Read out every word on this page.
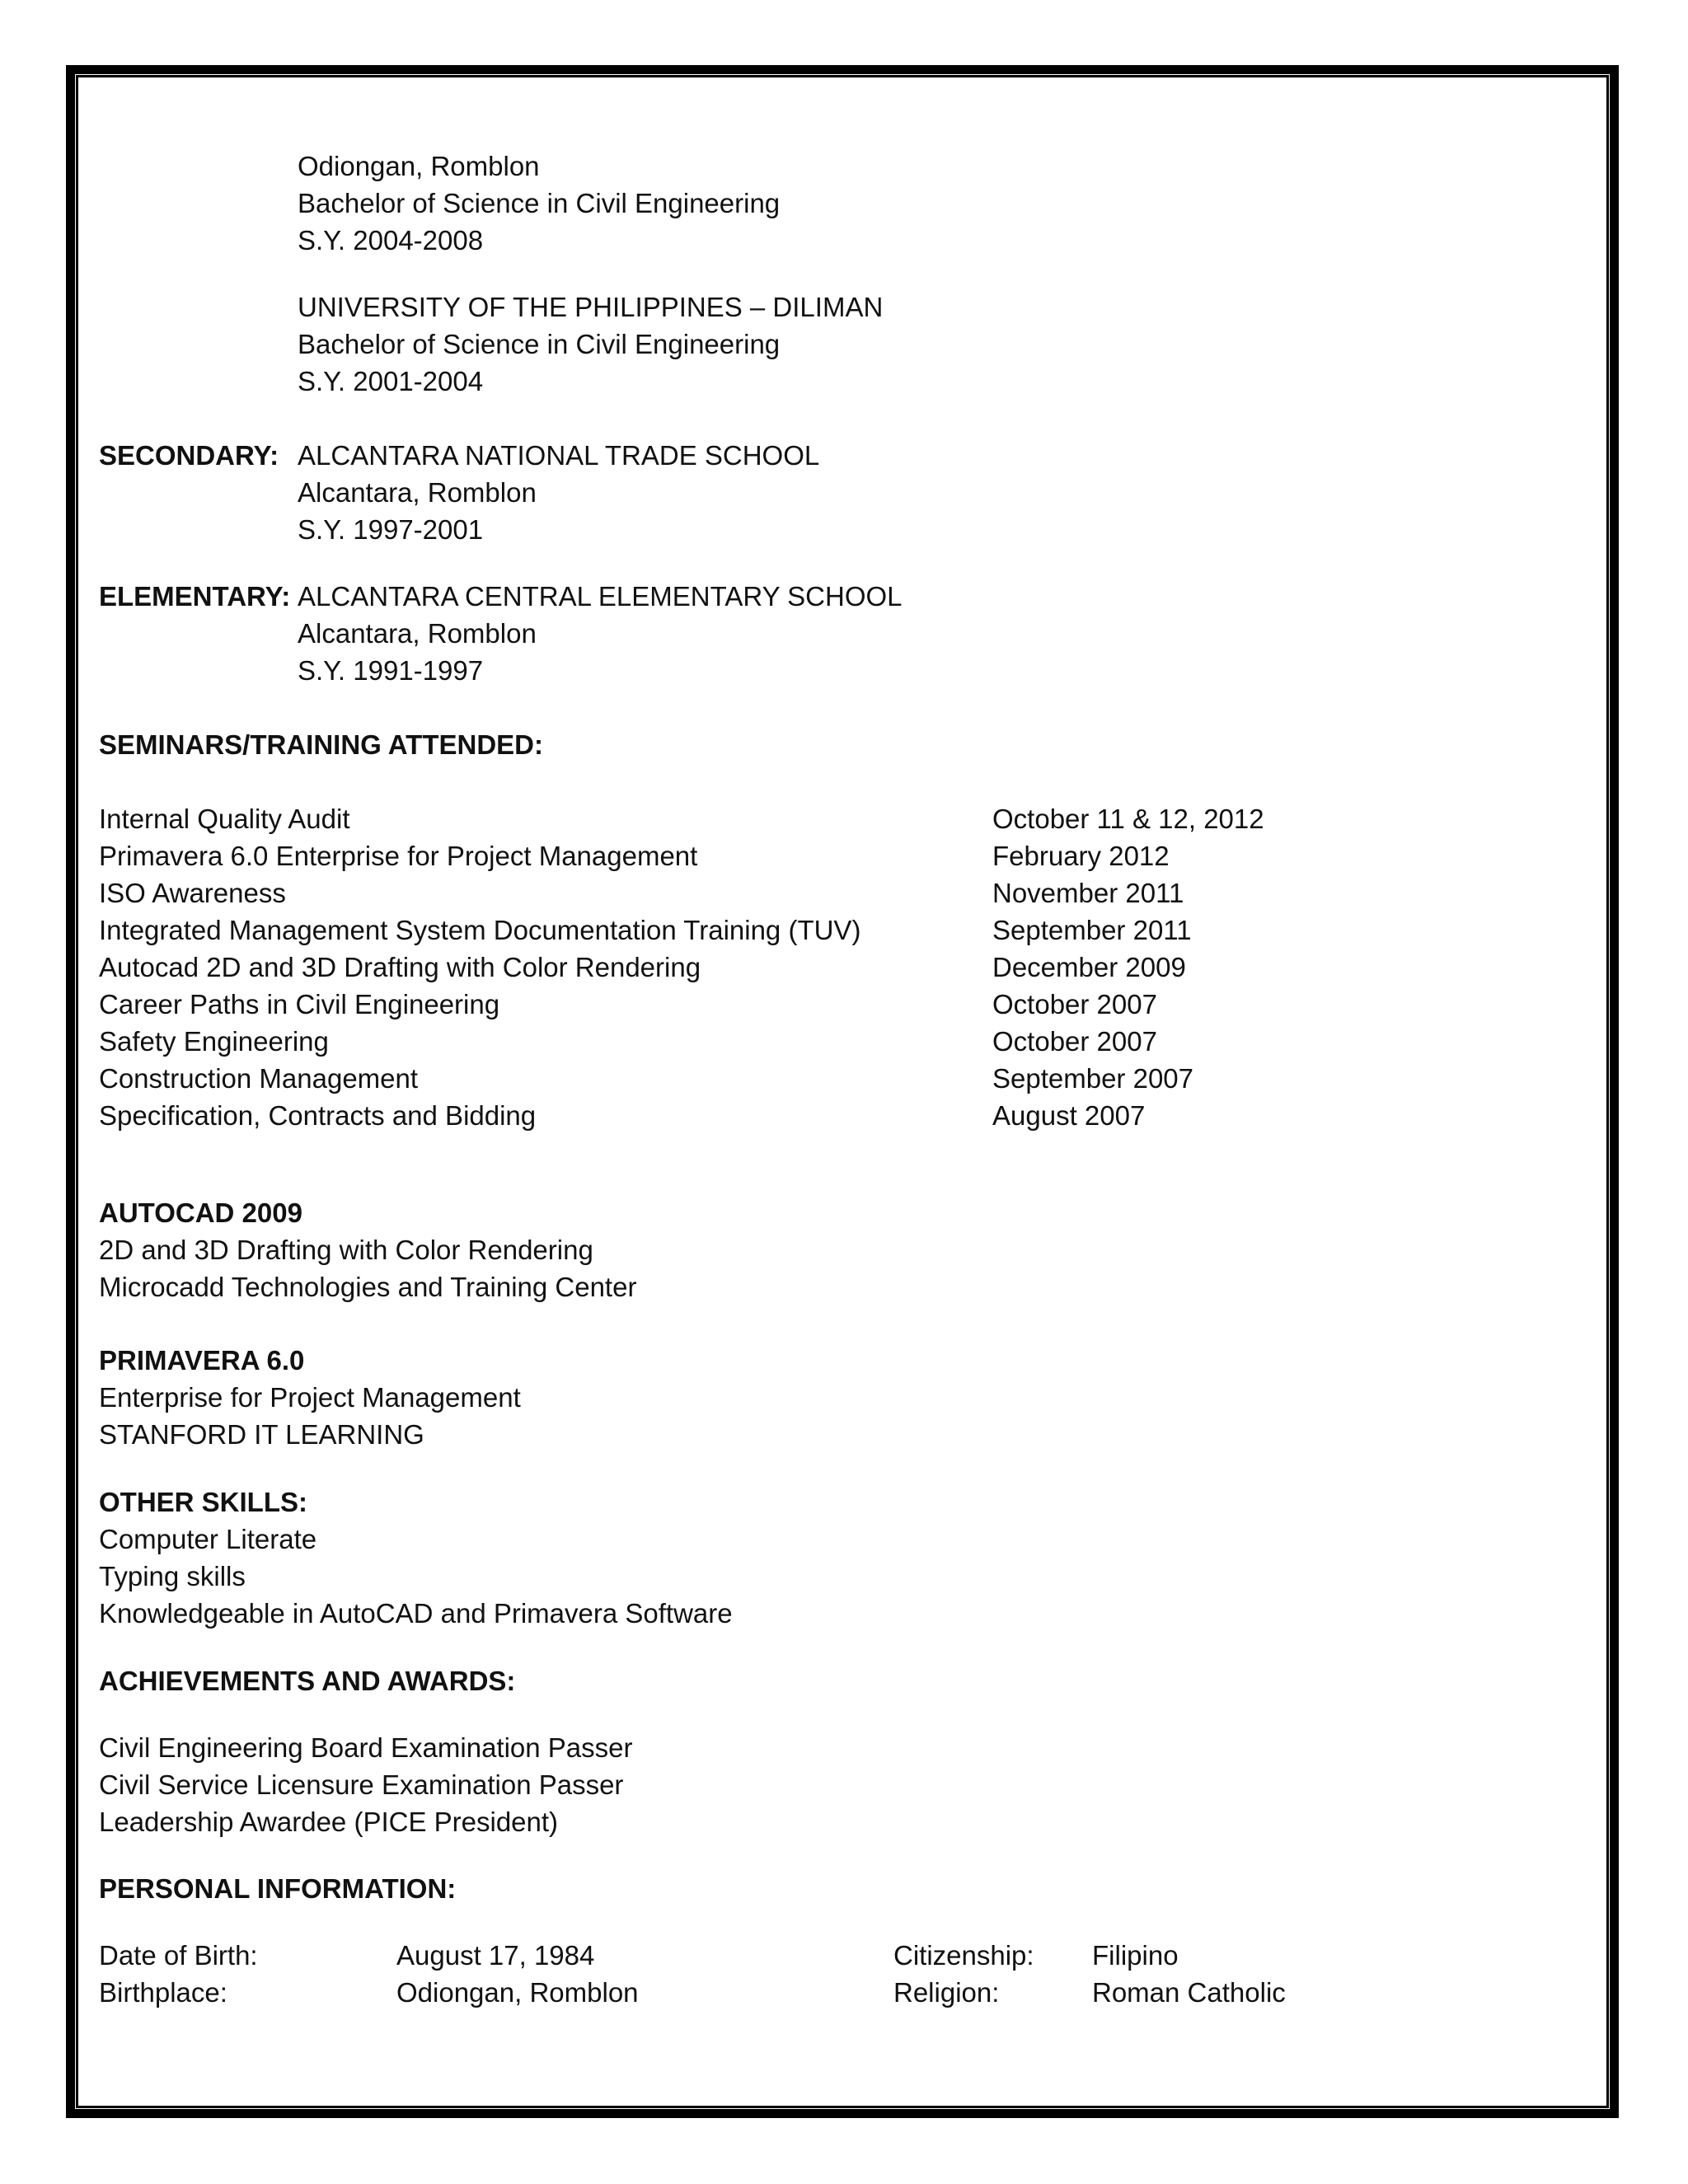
Odiongan, Romblon
Bachelor of Science in Civil Engineering
S.Y. 2004-2008
UNIVERSITY OF THE PHILIPPINES – DILIMAN
Bachelor of Science in Civil Engineering
S.Y. 2001-2004
SECONDARY: ALCANTARA NATIONAL TRADE SCHOOL
Alcantara, Romblon
S.Y. 1997-2001
ELEMENTARY: ALCANTARA CENTRAL ELEMENTARY SCHOOL
Alcantara, Romblon
S.Y. 1991-1997
SEMINARS/TRAINING ATTENDED:
Internal Quality Audit	October 11 & 12, 2012
Primavera 6.0 Enterprise for Project Management	February 2012
ISO Awareness	November 2011
Integrated Management System Documentation Training (TUV)	September 2011
Autocad 2D and 3D Drafting with Color Rendering	December 2009
Career Paths in Civil Engineering	October 2007
Safety Engineering	October 2007
Construction Management	September 2007
Specification, Contracts and Bidding	August 2007
AUTOCAD 2009
2D and 3D Drafting with Color Rendering
Microcadd Technologies and Training Center
PRIMAVERA 6.0
Enterprise for Project Management
STANFORD IT LEARNING
OTHER SKILLS:
Computer Literate
Typing skills
Knowledgeable in AutoCAD and Primavera Software
ACHIEVEMENTS AND AWARDS:
Civil Engineering Board Examination Passer
Civil Service Licensure Examination Passer
Leadership Awardee (PICE President)
PERSONAL INFORMATION:
Date of Birth:	August 17, 1984	Citizenship: Filipino
Birthplace:	Odiongan, Romblon	Religion:	Roman Catholic
